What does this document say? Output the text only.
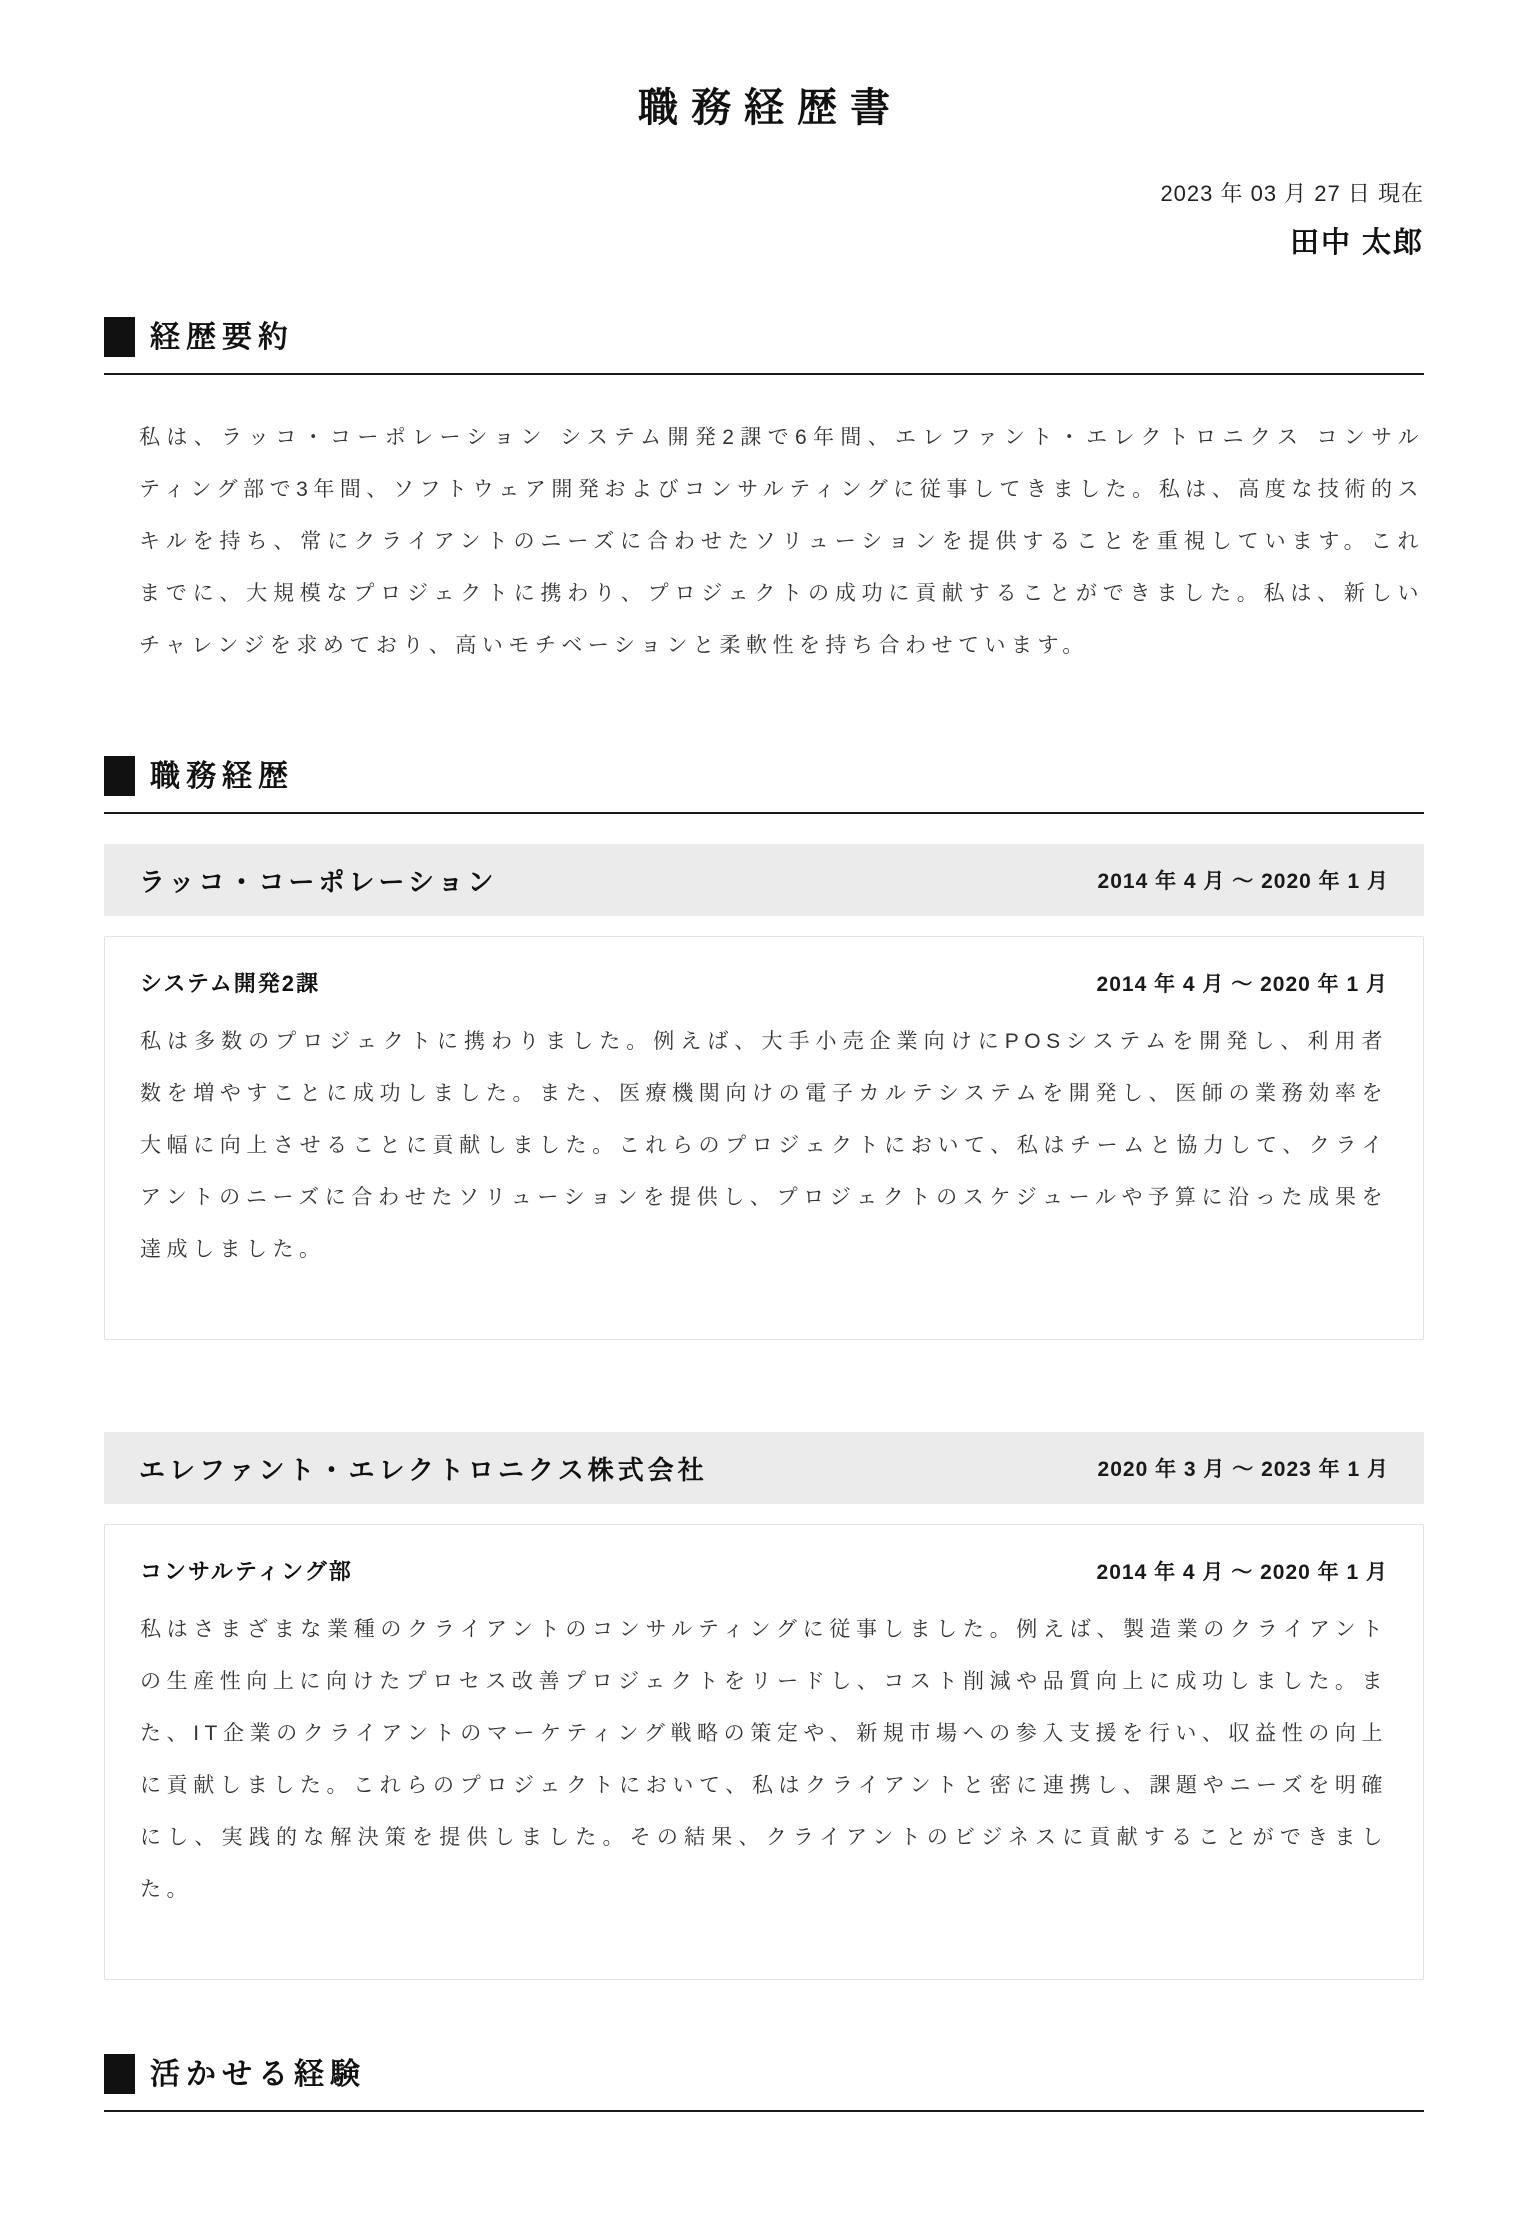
職務経歴書
2023 年 03 月 27 日 現在
田中 太郎
経歴要約

私は、ラッコ・コーポレーション システム開発2課で6年間、エレファント・エレクトロニクス コンサルティング部で3年間、ソフトウェア開発およびコンサルティングに従事してきました。私は、高度な技術的スキルを持ち、常にクライアントのニーズに合わせたソリューションを提供することを重視しています。これまでに、大規模なプロジェクトに携わり、プロジェクトの成功に貢献することができました。私は、新しいチャレンジを求めており、高いモチベーションと柔軟性を持ち合わせています。

職務経歴
ラッコ・コーポレーション	2014 年 4 月 ～ 2020 年 1 月
システム開発2課	2014 年 4 月 ～ 2020 年 1 月

私は多数のプロジェクトに携わりました。例えば、大手小売企業向けにPOSシステムを開発し、利用者数を増やすことに成功しました。また、医療機関向けの電子カルテシステムを開発し、医師の業務効率を大幅に向上させることに貢献しました。これらのプロジェクトにおいて、私はチームと協力して、クライアントのニーズに合わせたソリューションを提供し、プロジェクトのスケジュールや予算に沿った成果を達成しました。

エレファント・エレクトロニクス株式会社	2020 年 3 月 ～ 2023 年 1 月
コンサルティング部	2014 年 4 月 ～ 2020 年 1 月

私はさまざまな業種のクライアントのコンサルティングに従事しました。例えば、製造業のクライアントの生産性向上に向けたプロセス改善プロジェクトをリードし、コスト削減や品質向上に成功しました。また、IT企業のクライアントのマーケティング戦略の策定や、新規市場への参入支援を行い、収益性の向上に貢献しました。これらのプロジェクトにおいて、私はクライアントと密に連携し、課題やニーズを明確にし、実践的な解決策を提供しました。その結果、クライアントのビジネスに貢献することができました。

活かせる経験
